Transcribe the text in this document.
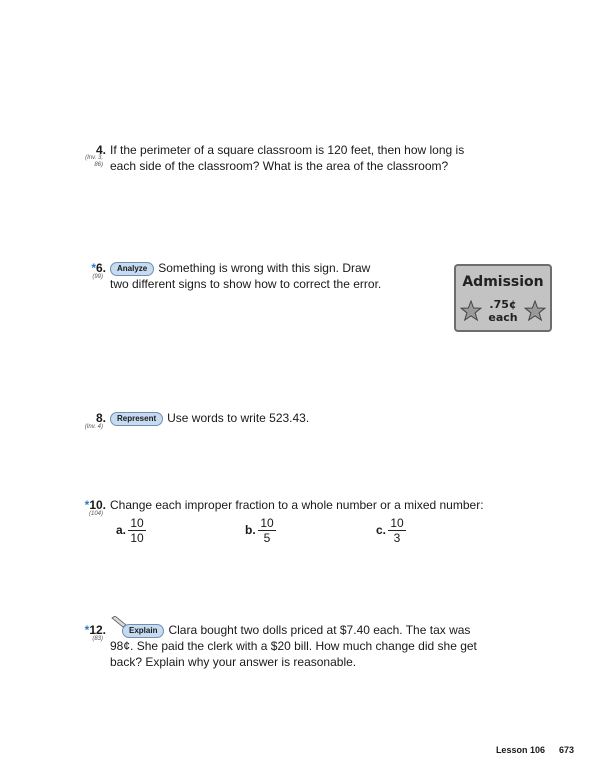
4.
(Inv. 3,
86)
If the perimeter of a square classroom is 120 feet, then how long is
each side of the classroom? What is the area of the classroom?
*6.
(99)
Analyze Something is wrong with this sign. Draw
two different signs to show how to correct the error.	Admission
.75¢
each
8.
(Inv. 4)
Represent Use words to write 523.43.
*10.
(104)
Change each improper fraction to a whole number or a mixed number:
a. $\frac{10}{10}$	b. $\frac{10}{5}$	c. $\frac{10}{3}$
*12.
(83)
Explain Clara bought two dolls priced at $7.40 each. The tax was
98¢. She paid the clerk with a $20 bill. How much change did she get
back? Explain why your answer is reasonable.
Lesson 106 673
